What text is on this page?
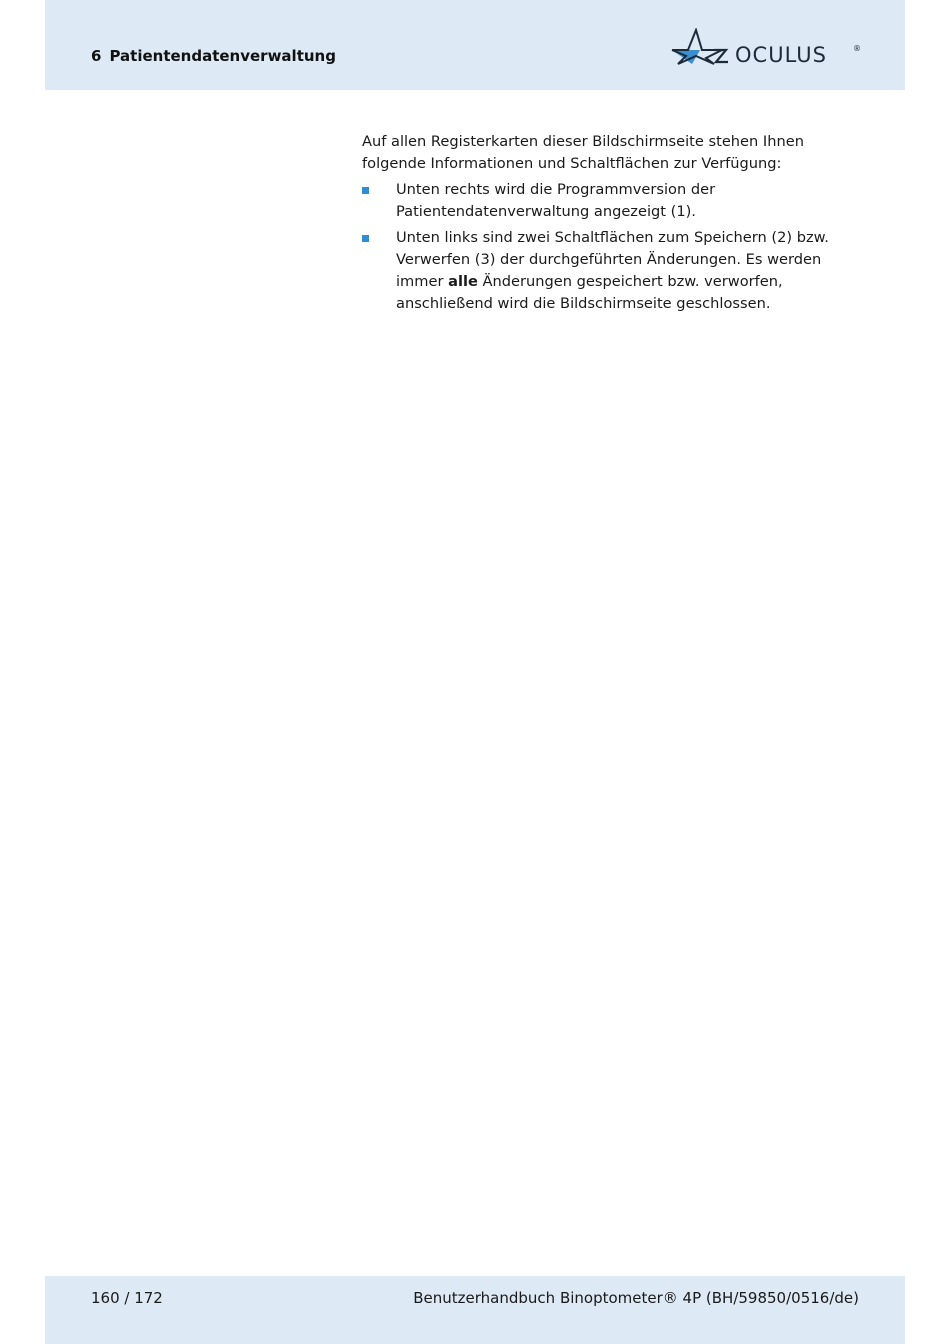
6 Patientendatenverwaltung	OCULUS	®

Auf allen Registerkarten dieser Bildschirmseite stehen Ihnen folgende Informationen und Schaltflächen zur Verfügung:

Unten rechts wird die Programmversion der Patientendatenverwaltung angezeigt (1).
Unten links sind zwei Schaltflächen zum Speichern (2) bzw. Verwerfen (3) der durchgeführten Änderungen. Es werden immer alle Änderungen gespeichert bzw. verworfen, anschließend wird die Bildschirmseite geschlossen.
160 / 172	Benutzerhandbuch Binoptometer® 4P (BH/59850/0516/de)
